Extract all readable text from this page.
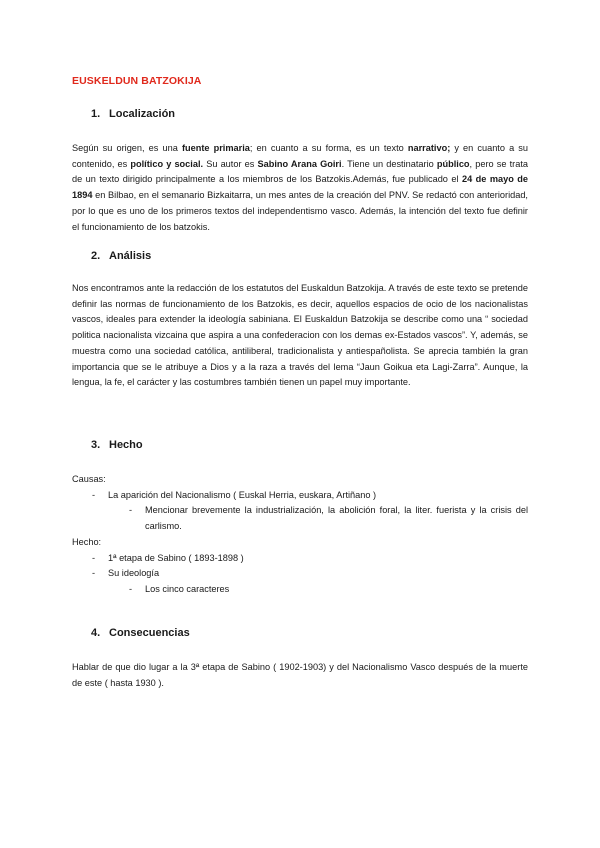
EUSKELDUN BATZOKIJA
1. Localización
Según su origen, es una fuente primaria; en cuanto a su forma, es un texto narrativo; y en cuanto a su contenido, es político y social. Su autor es Sabino Arana Goiri. Tiene un destinatario público, pero se trata de un texto dirigido principalmente a los miembros de los Batzokis.Además, fue publicado el 24 de mayo de 1894 en Bilbao, en el semanario Bizkaitarra, un mes antes de la creación del PNV. Se redactó con anterioridad, por lo que es uno de los primeros textos del independentismo vasco. Además, la intención del texto fue definir el funcionamiento de los batzokis.
2. Análisis
Nos encontramos ante la redacción de los estatutos del Euskaldun Batzokija. A través de este texto se pretende definir las normas de funcionamiento de los Batzokis, es decir, aquellos espacios de ocio de los nacionalistas vascos, ideales para extender la ideología sabiniana. El Euskaldun Batzokija se describe como una “ sociedad politica nacionalista vizcaina que aspira a una confederacion con los demas ex-Estados vascos”. Y, además, se muestra como una sociedad católica, antiliberal, tradicionalista y antiespañolista. Se aprecia también la gran importancia que se le atribuye a Dios y a la raza a través del lema “Jaun Goikua eta Lagi-Zarra”. Aunque, la lengua, la fe, el carácter y las costumbres también tienen un papel muy importante.
3. Hecho
Causas:
- La aparición del Nacionalismo ( Euskal Herria, euskara, Artiñano )
- Mencionar brevemente la industrialización, la abolición foral, la liter. fuerista y la crisis del carlismo.
Hecho:
- 1ª etapa de Sabino ( 1893-1898 )
- Su ideología
- Los cinco caracteres
4. Consecuencias
Hablar de que dio lugar a la 3ª etapa de Sabino ( 1902-1903) y del Nacionalismo Vasco después de la muerte de este ( hasta 1930 ).
